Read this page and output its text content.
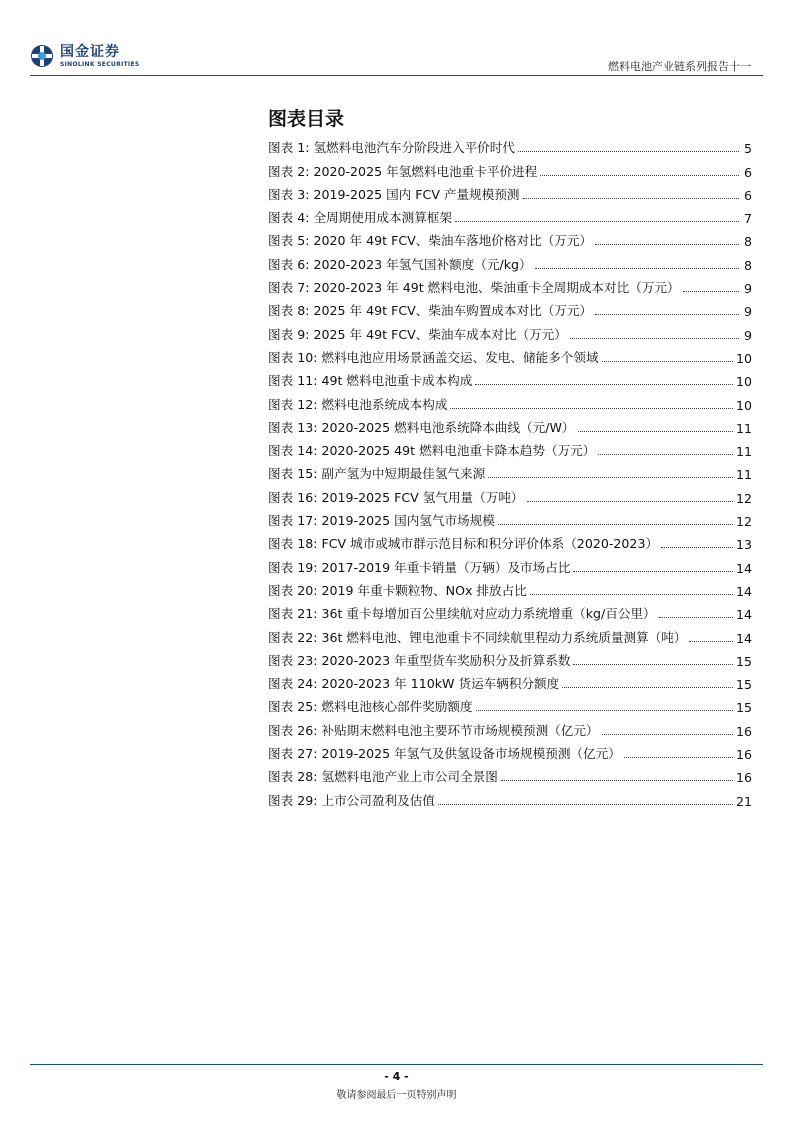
国金证券
SINOLINK SECURITIES	燃料电池产业链系列报告十一
图表目录
图表 1: 氢燃料电池汽车分阶段进入平价时代	5
图表 2: 2020-2025 年氢燃料电池重卡平价进程	6
图表 3: 2019-2025 国内 FCV 产量规模预测	6
图表 4: 全周期使用成本测算框架	7
图表 5: 2020 年 49t FCV、柴油车落地价格对比（万元）	8
图表 6: 2020-2023 年氢气国补额度（元/kg）	8
图表 7: 2020-2023 年 49t 燃料电池、柴油重卡全周期成本对比（万元）	9
图表 8: 2025 年 49t FCV、柴油车购置成本对比（万元）	9
图表 9: 2025 年 49t FCV、柴油车成本对比（万元）	9
图表 10: 燃料电池应用场景涵盖交运、发电、储能多个领域	10
图表 11: 49t 燃料电池重卡成本构成	10
图表 12: 燃料电池系统成本构成	10
图表 13: 2020-2025 燃料电池系统降本曲线（元/W）	11
图表 14: 2020-2025 49t 燃料电池重卡降本趋势（万元）	11
图表 15: 副产氢为中短期最佳氢气来源	11
图表 16: 2019-2025 FCV 氢气用量（万吨）	12
图表 17: 2019-2025 国内氢气市场规模	12
图表 18: FCV 城市或城市群示范目标和积分评价体系（2020-2023）	13
图表 19: 2017-2019 年重卡销量（万辆）及市场占比	14
图表 20: 2019 年重卡颗粒物、NOx 排放占比	14
图表 21: 36t 重卡每增加百公里续航对应动力系统增重（kg/百公里）	14
图表 22: 36t 燃料电池、锂电池重卡不同续航里程动力系统质量测算（吨）	14
图表 23: 2020-2023 年重型货车奖励积分及折算系数	15
图表 24: 2020-2023 年 110kW 货运车辆积分额度	15
图表 25: 燃料电池核心部件奖励额度	15
图表 26: 补贴期末燃料电池主要环节市场规模预测（亿元）	16
图表 27: 2019-2025 年氢气及供氢设备市场规模预测（亿元）	16
图表 28: 氢燃料电池产业上市公司全景图	16
图表 29: 上市公司盈利及估值	21
- 4 -
敬请参阅最后一页特别声明
